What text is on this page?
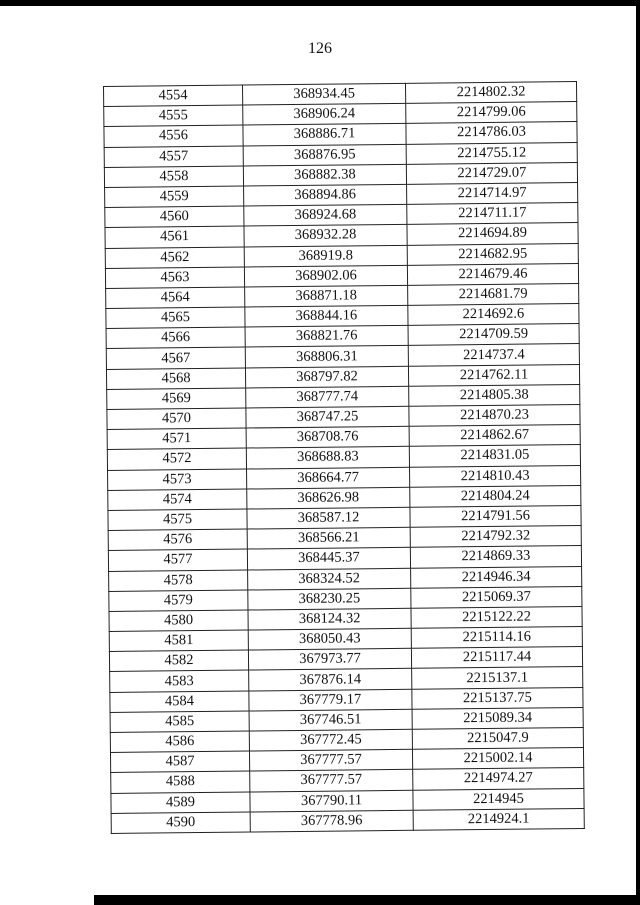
126
4554	368934.45	2214802.32
4555	368906.24	2214799.06
4556	368886.71	2214786.03
4557	368876.95	2214755.12
4558	368882.38	2214729.07
4559	368894.86	2214714.97
4560	368924.68	2214711.17
4561	368932.28	2214694.89
4562	368919.8	2214682.95
4563	368902.06	2214679.46
4564	368871.18	2214681.79
4565	368844.16	2214692.6
4566	368821.76	2214709.59
4567	368806.31	2214737.4
4568	368797.82	2214762.11
4569	368777.74	2214805.38
4570	368747.25	2214870.23
4571	368708.76	2214862.67
4572	368688.83	2214831.05
4573	368664.77	2214810.43
4574	368626.98	2214804.24
4575	368587.12	2214791.56
4576	368566.21	2214792.32
4577	368445.37	2214869.33
4578	368324.52	2214946.34
4579	368230.25	2215069.37
4580	368124.32	2215122.22
4581	368050.43	2215114.16
4582	367973.77	2215117.44
4583	367876.14	2215137.1
4584	367779.17	2215137.75
4585	367746.51	2215089.34
4586	367772.45	2215047.9
4587	367777.57	2215002.14
4588	367777.57	2214974.27
4589	367790.11	2214945
4590	367778.96	2214924.1
